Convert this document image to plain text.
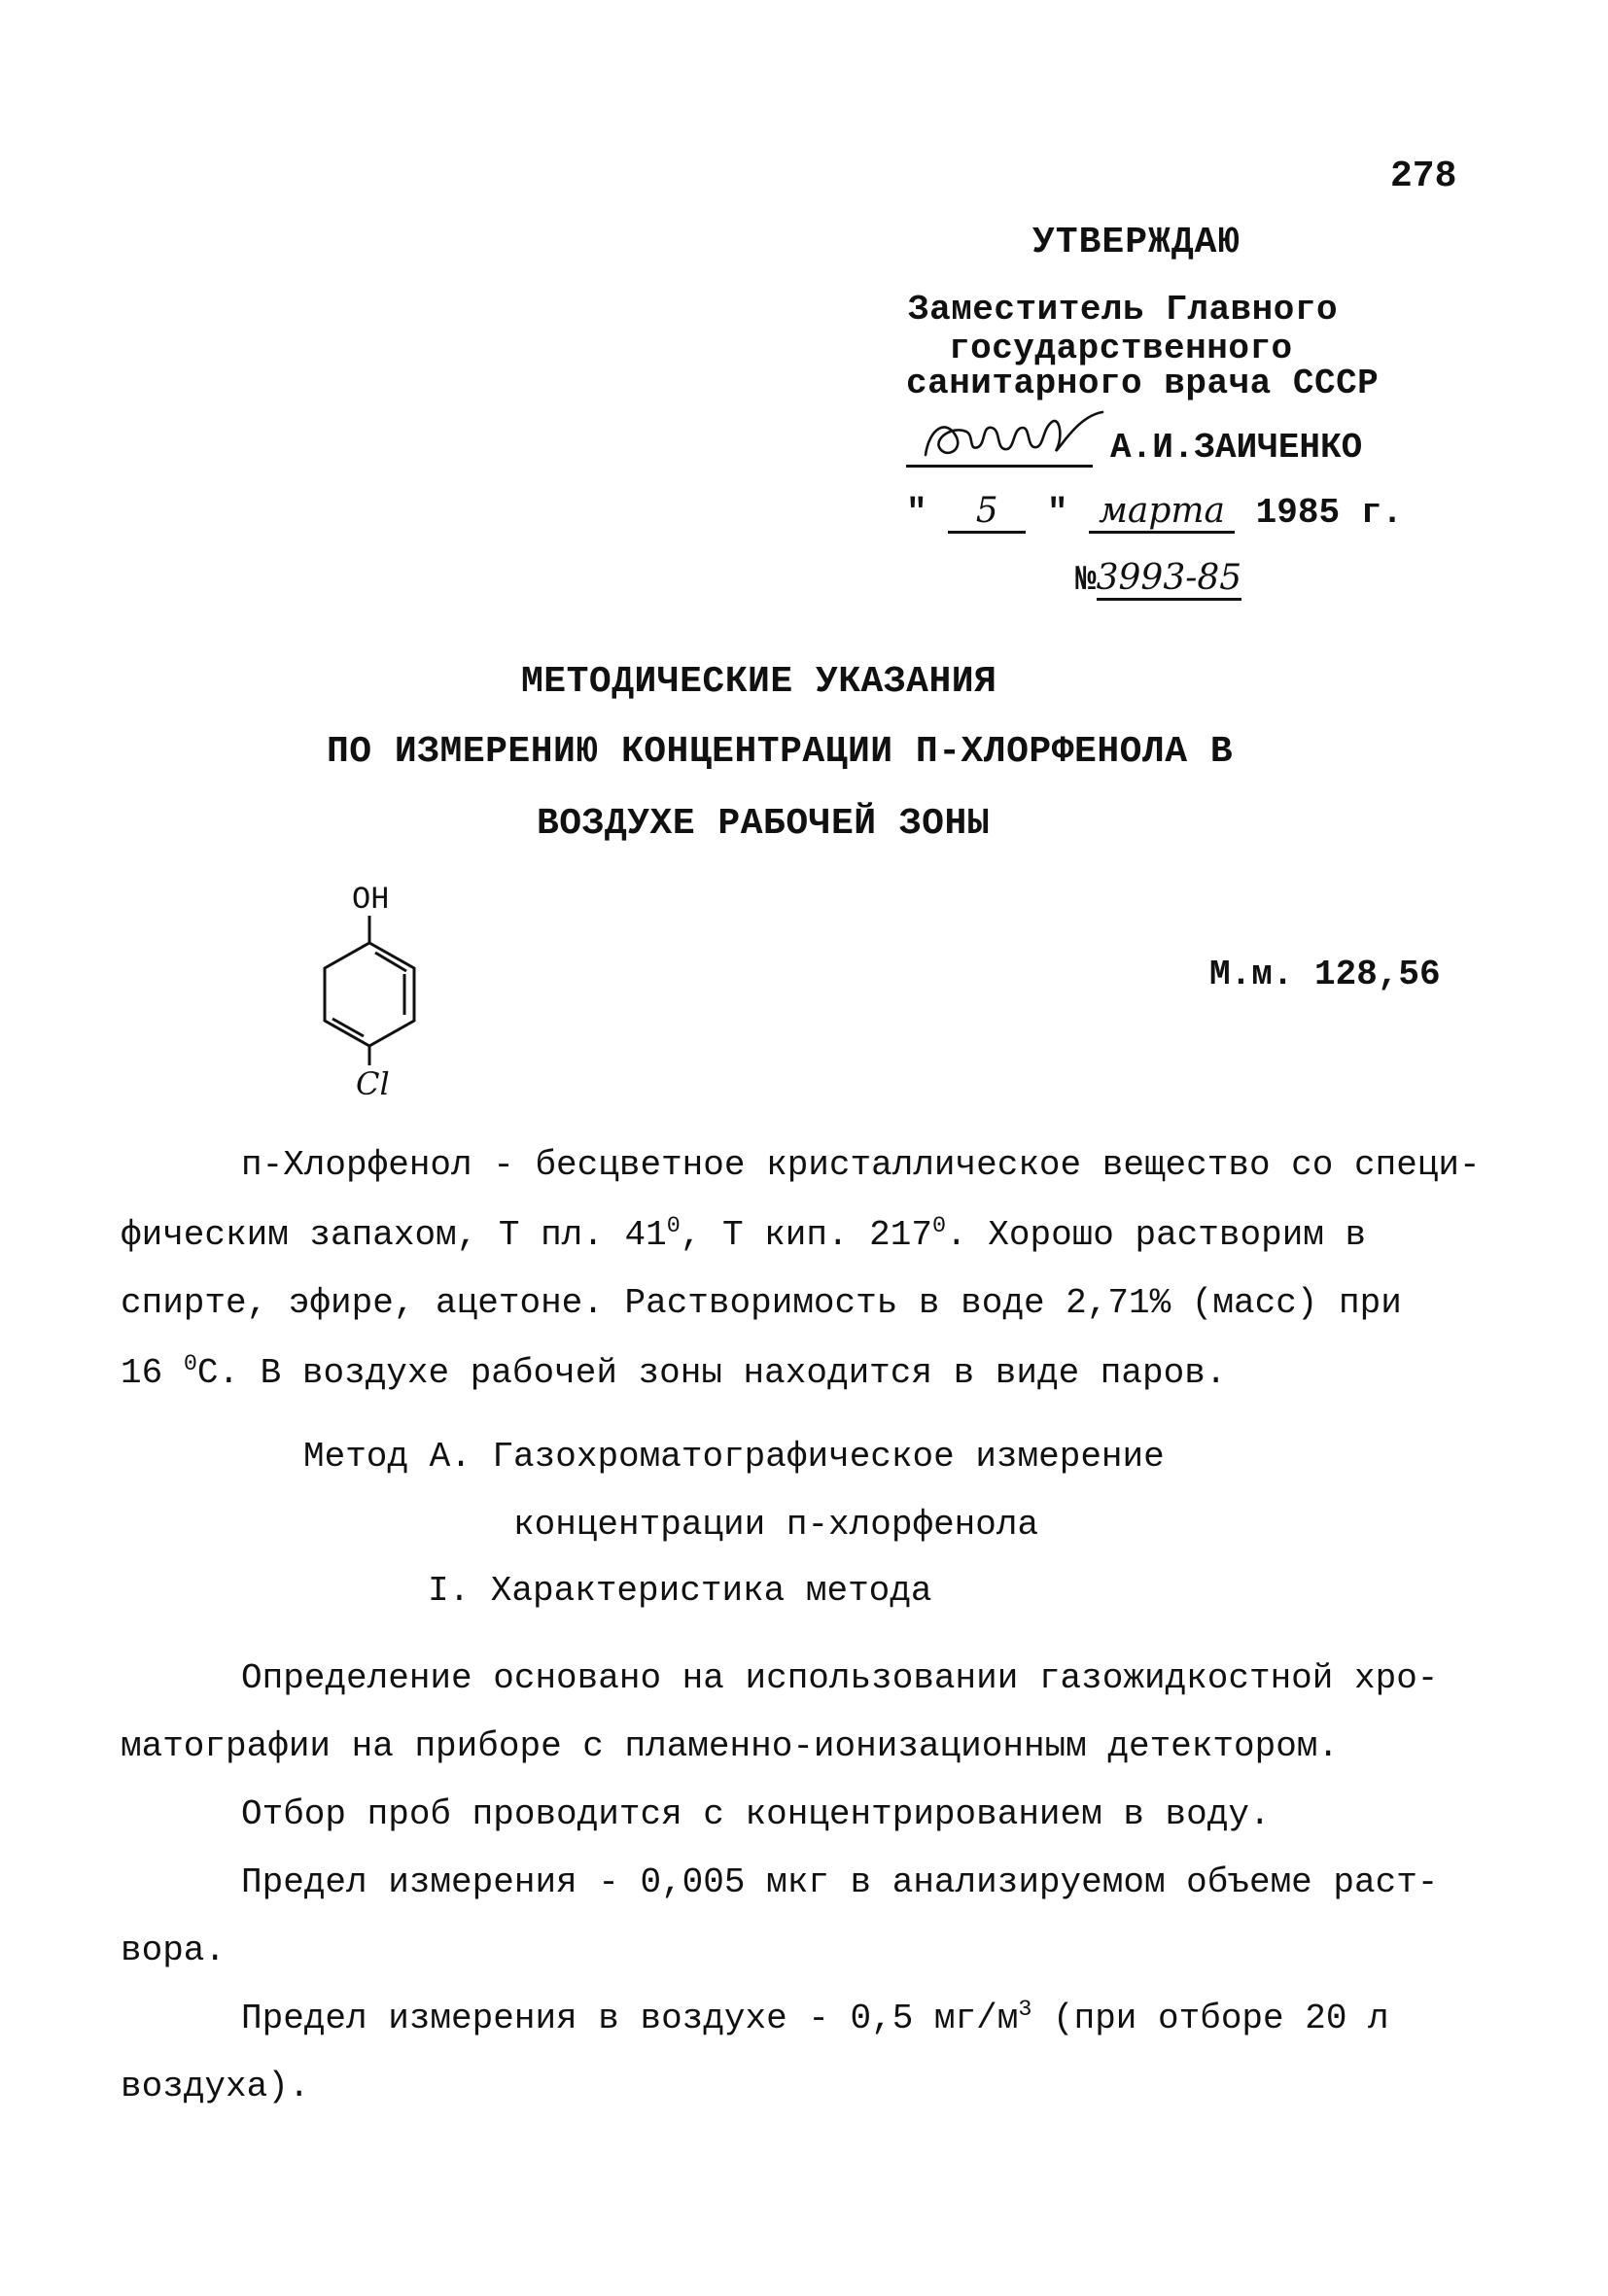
278
УТВЕРЖДАЮ
Заместитель Главного
государственного
санитарного врача СССР
А.И.ЗАИЧЕНКО
" 5 " марта 1985 г.
№3993-85
МЕТОДИЧЕСКИЕ УКАЗАНИЯ
ПО ИЗМЕРЕНИЮ КОНЦЕНТРАЦИИ П-ХЛОРФЕНОЛА В
ВОЗДУХЕ РАБОЧЕЙ ЗОНЫ
OH
Cl
М.м. 128,56
п-Хлорфенол - бесцветное кристаллическое вещество со специ-
фическим запахом, Т пл. $41^0$, Т кип. $217^0$. Хорошо растворим в
спирте, эфире, ацетоне. Растворимость в воде 2,71% (масс) при
16 $^0$С. В воздухе рабочей зоны находится в виде паров.
Метод А. Газохроматографическое измерение
концентрации п-хлорфенола
I. Характеристика метода
Определение основано на использовании газожидкостной хро-
матографии на приборе с пламенно-ионизационным детектором.
Отбор проб проводится с концентрированием в воду.
Предел измерения - 0,005 мкг в анализируемом объеме раст-
вора.
Предел измерения в воздухе - 0,5 $мг/м^3$ (при отборе 20 л
воздуха).
